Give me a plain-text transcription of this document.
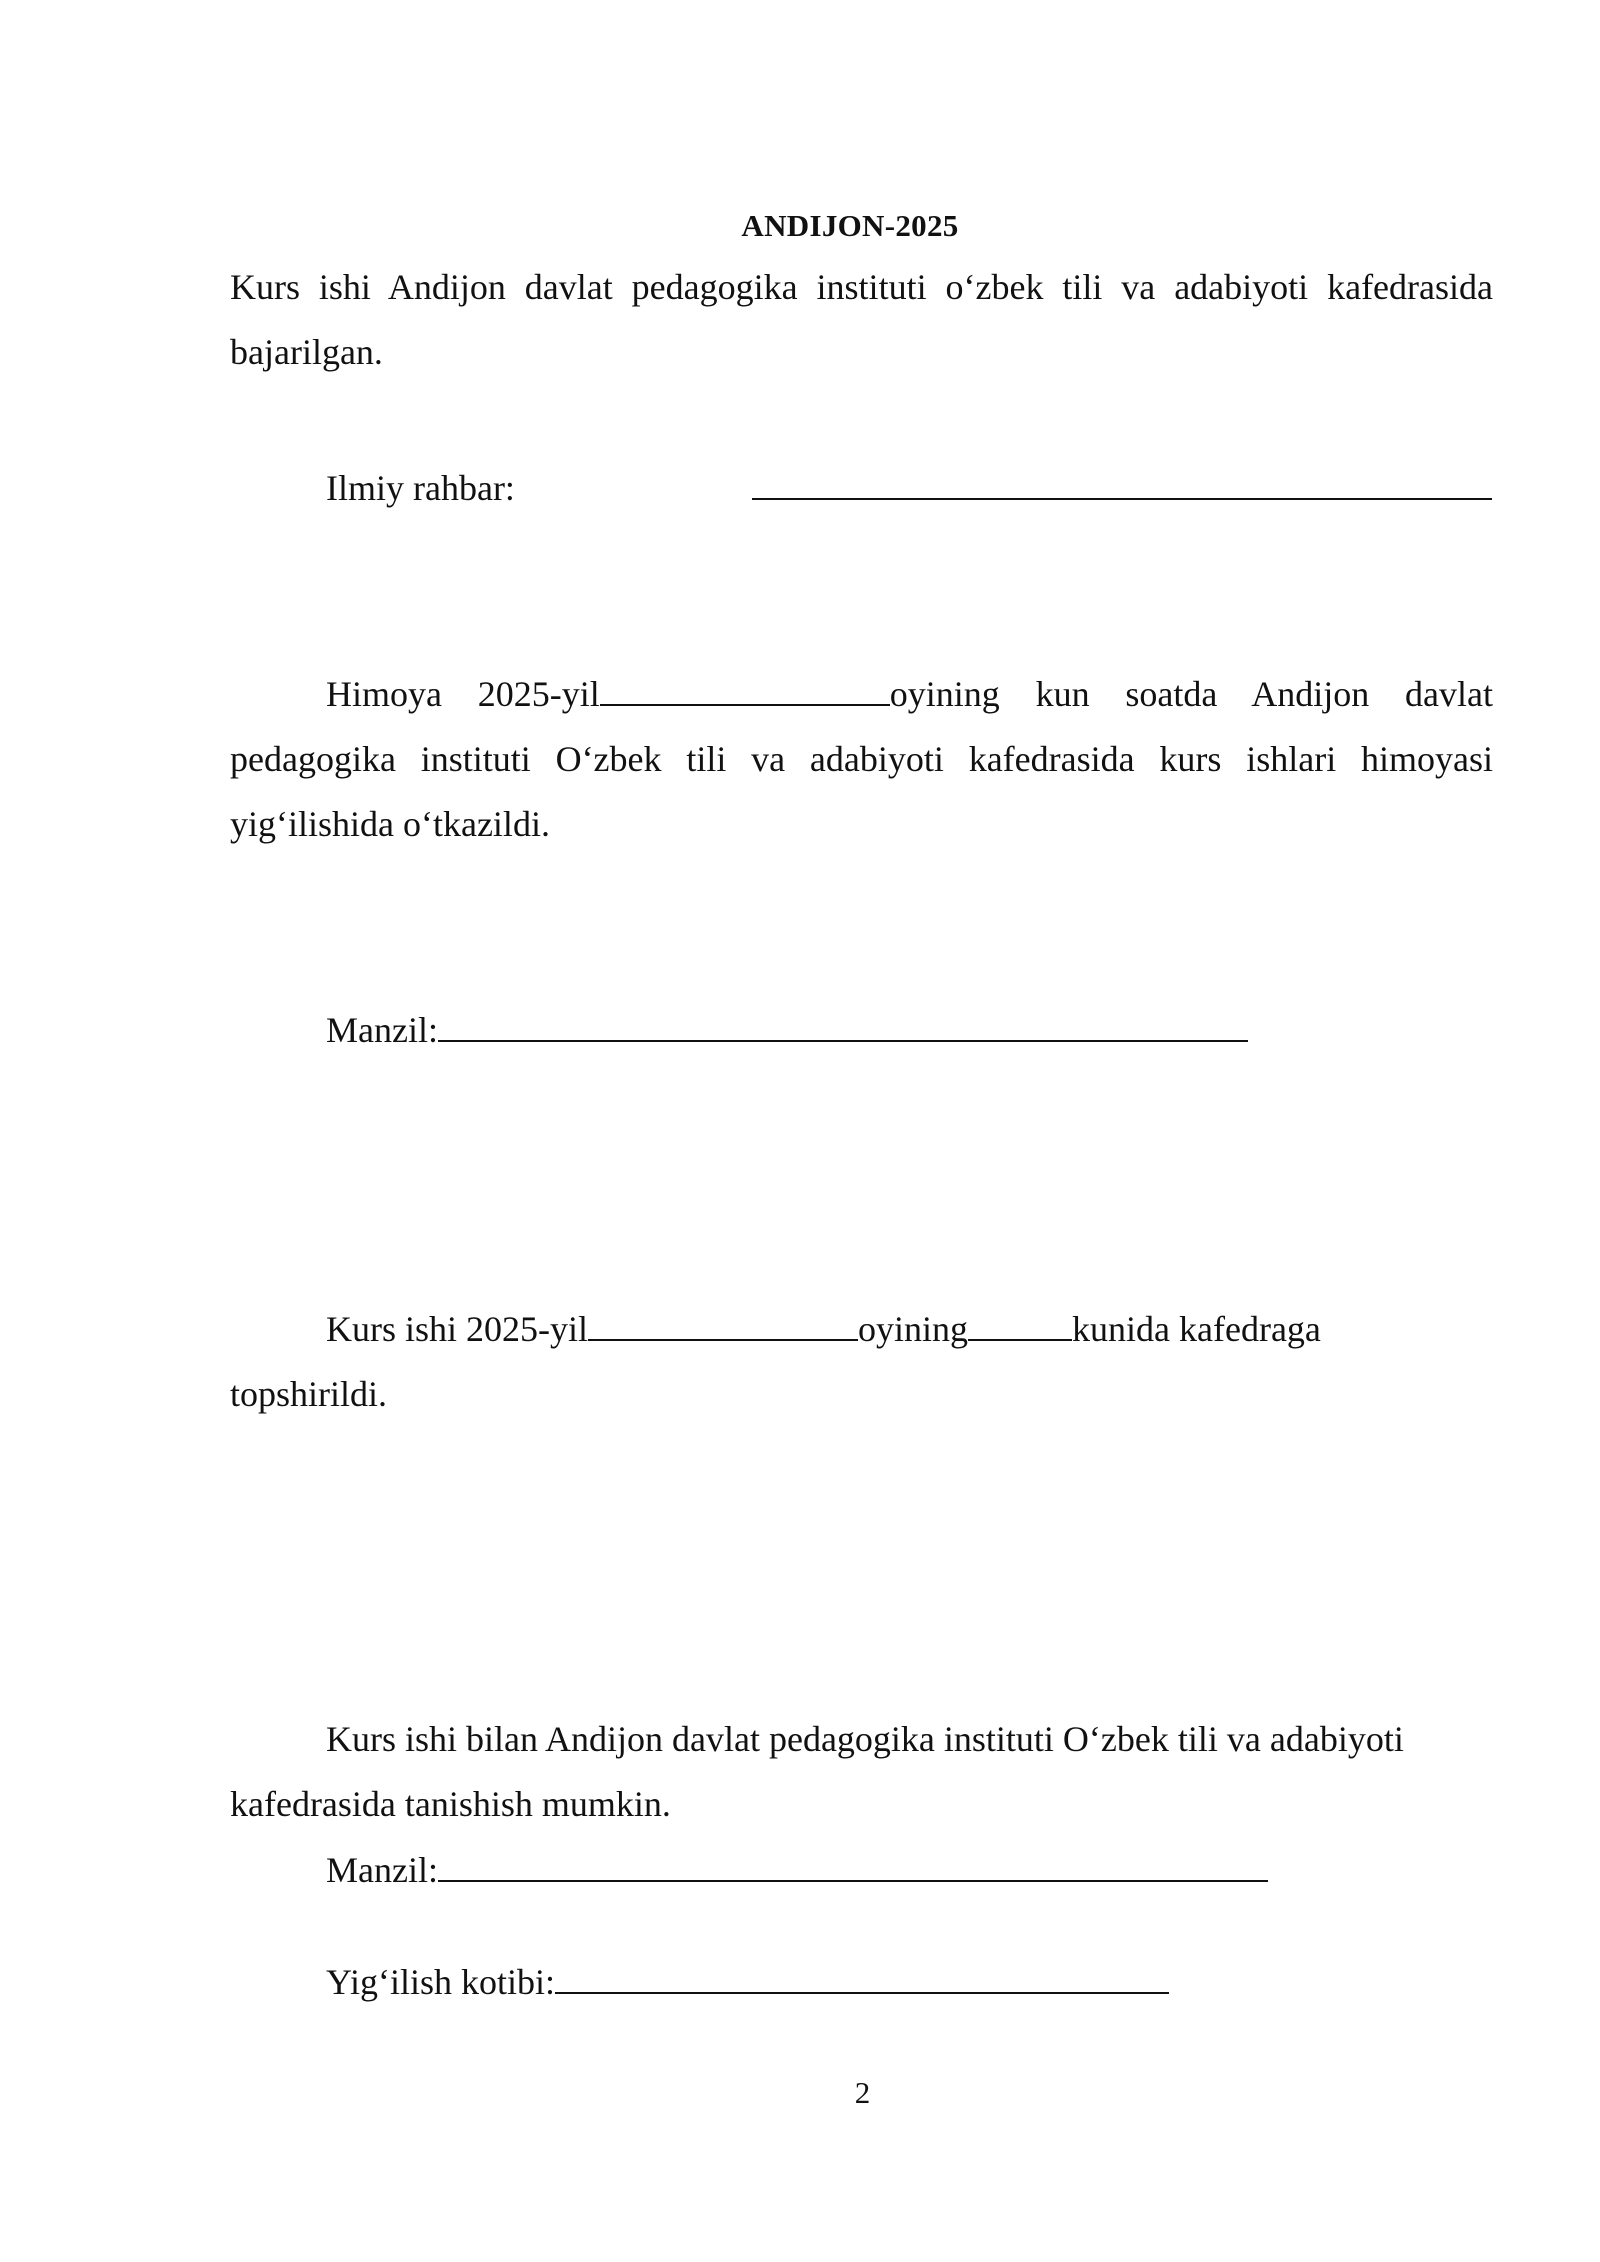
ANDIJON-2025
Kurs ishi Andijon davlat pedagogika instituti o‘zbek tili va adabiyoti kafedrasida bajarilgan.
Ilmiy rahbar:
Himoya 2025-yil	oyining kun soatda Andijon davlat pedagogika instituti O‘zbek tili va adabiyoti kafedrasida kurs ishlari himoyasi yig‘ilishida o‘tkazildi.
Manzil:
Kurs ishi 2025-yil	oyining	kunida kafedraga
topshirildi.
Kurs ishi bilan Andijon davlat pedagogika instituti O‘zbek tili va adabiyoti
kafedrasida tanishish mumkin.
Manzil:
Yig‘ilish kotibi:
2
